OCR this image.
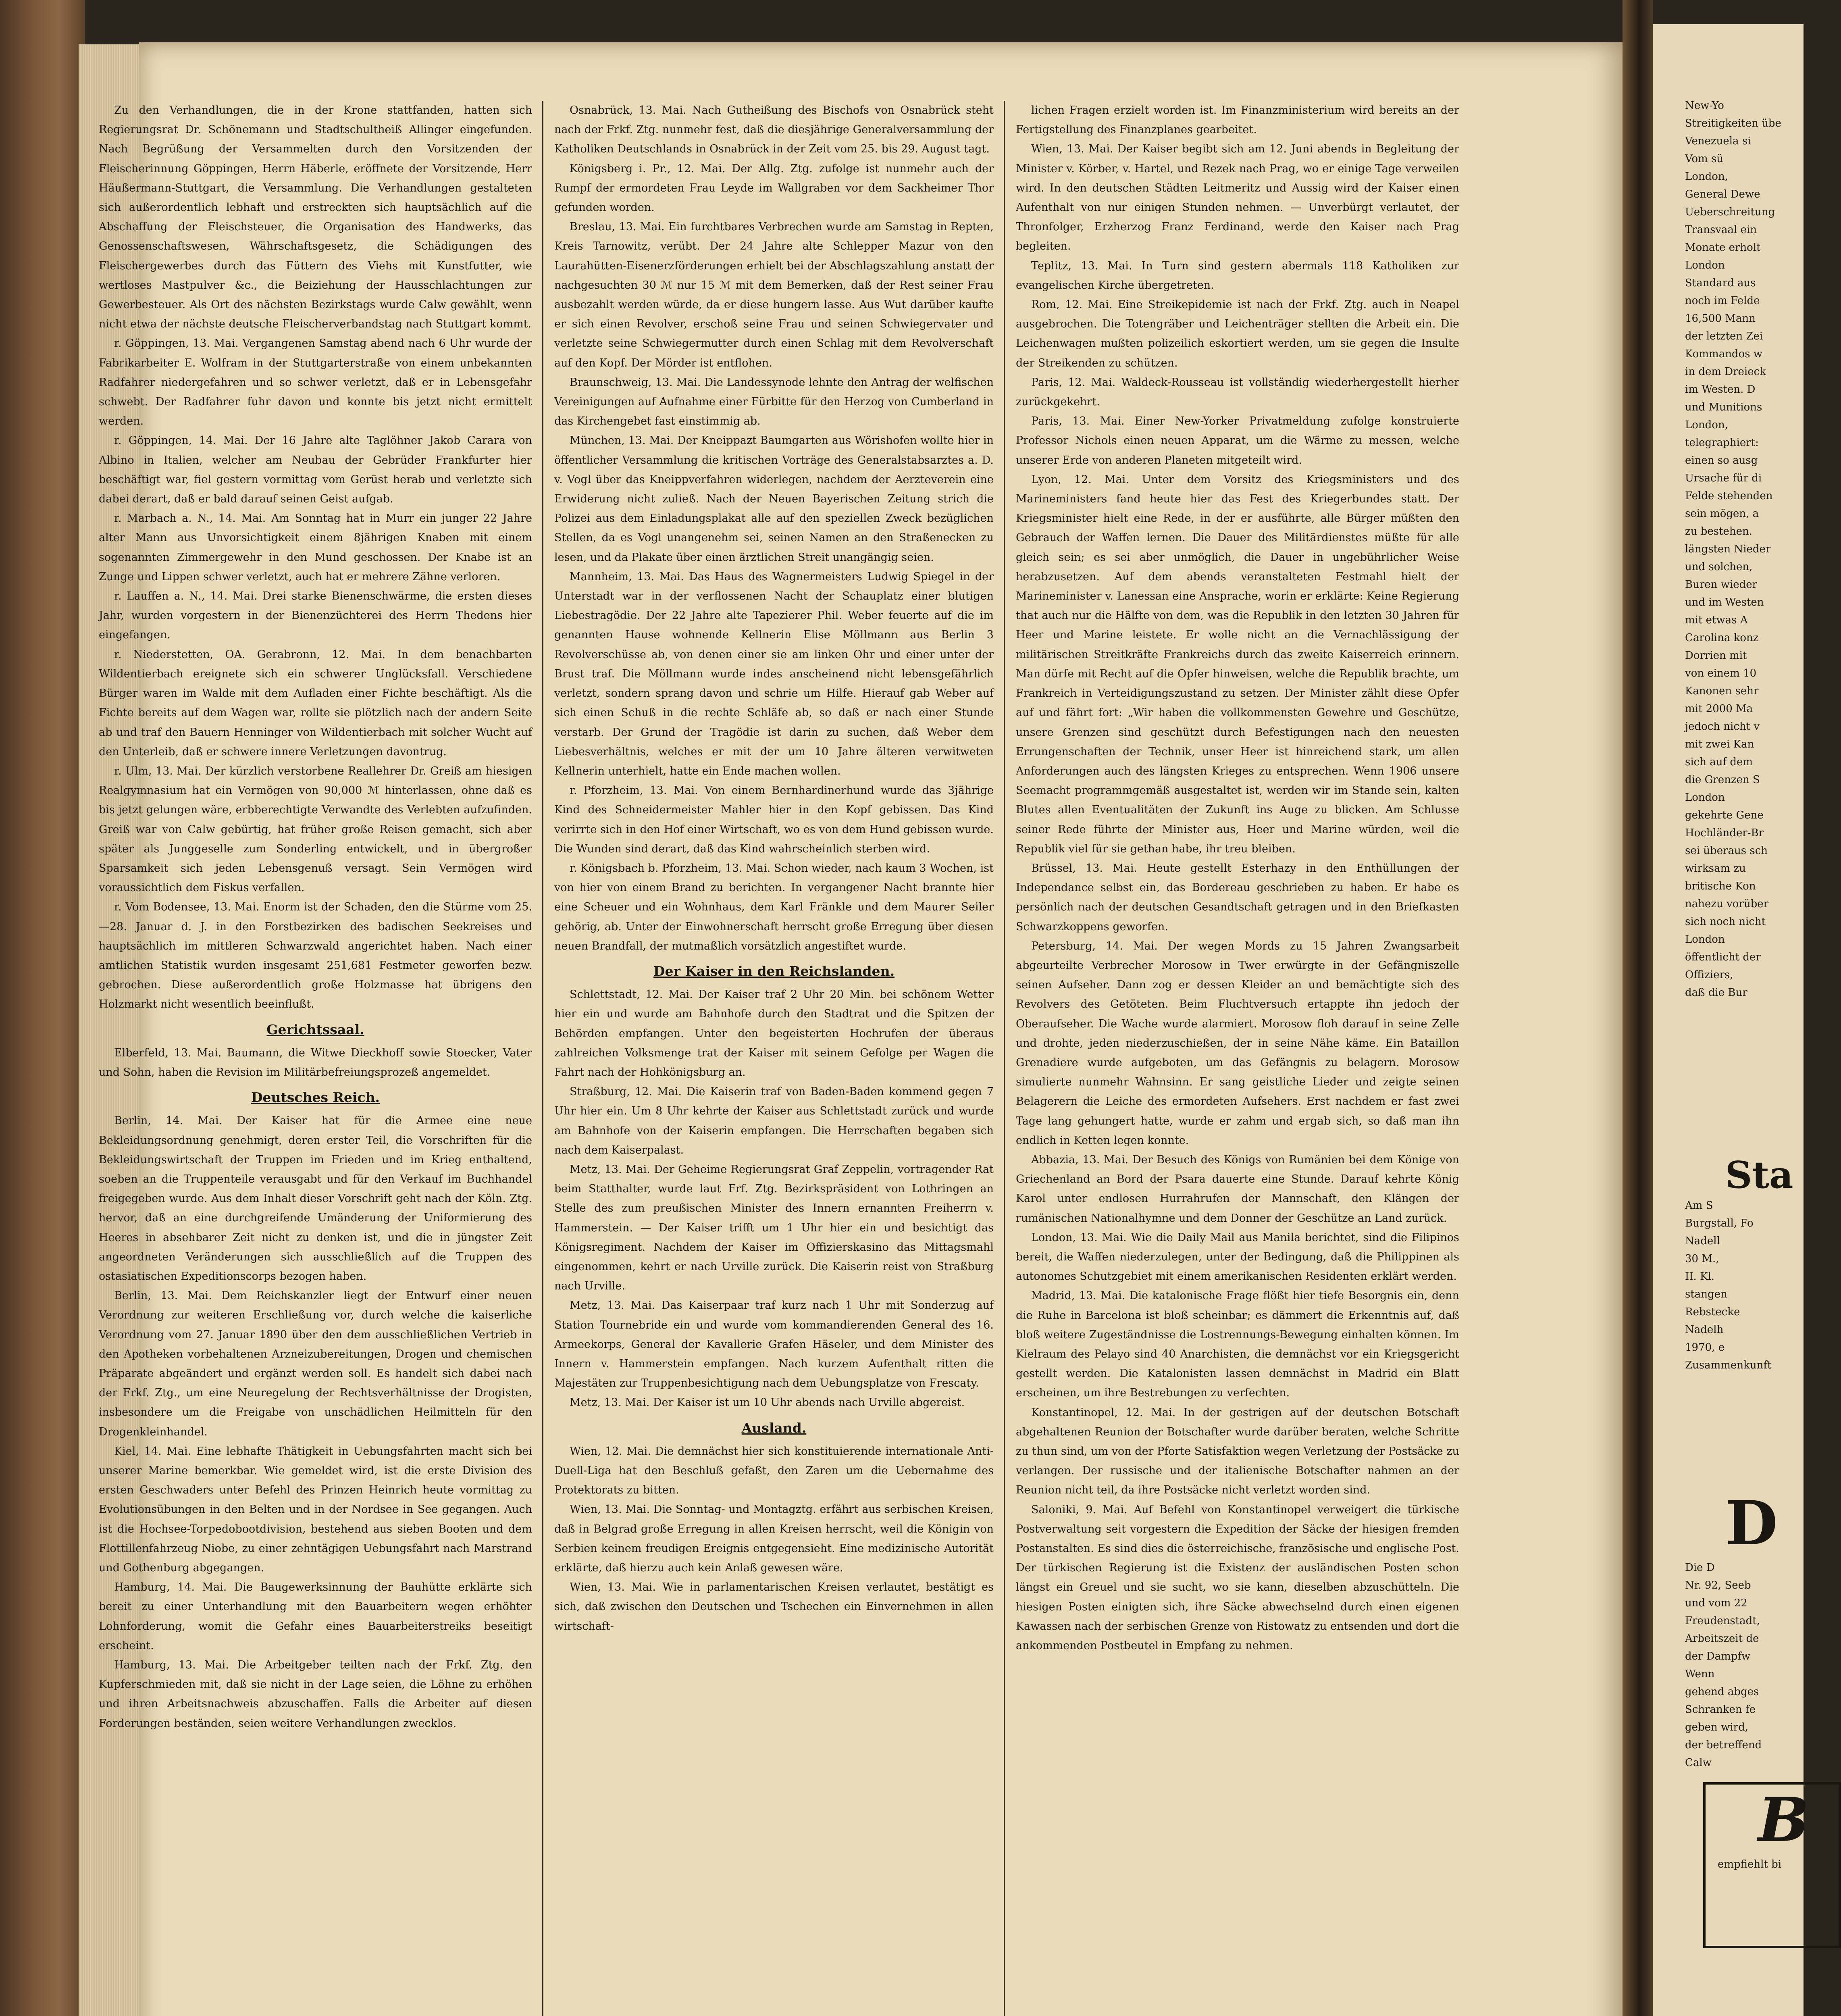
Zu den Verhandlungen, die in der Krone stattfanden, hatten sich Regierungsrat Dr. Schönemann und Stadtschultheiß Allinger eingefunden. Nach Begrüßung der Versammelten durch den Vorsitzenden der Fleischerinnung Göppingen, Herrn Häberle, eröffnete der Vorsitzende, Herr Häußermann-Stuttgart, die Versammlung. Die Verhandlungen gestalteten sich außerordentlich lebhaft und erstreckten sich hauptsächlich auf die Abschaffung der Fleischsteuer, die Organisation des Handwerks, das Genossenschaftswesen, Währschaftsgesetz, die Schädigungen des Fleischergewerbes durch das Füttern des Viehs mit Kunstfutter, wie wertloses Mastpulver &c., die Beiziehung der Hausschlachtungen zur Gewerbesteuer. Als Ort des nächsten Bezirkstags wurde Calw gewählt, wenn nicht etwa der nächste deutsche Fleischerverbandstag nach Stuttgart kommt.

r. Göppingen, 13. Mai. Vergangenen Samstag abend nach 6 Uhr wurde der Fabrikarbeiter E. Wolfram in der Stuttgarterstraße von einem unbekannten Radfahrer niedergefahren und so schwer verletzt, daß er in Lebensgefahr schwebt. Der Radfahrer fuhr davon und konnte bis jetzt nicht ermittelt werden.

r. Göppingen, 14. Mai. Der 16 Jahre alte Taglöhner Jakob Carara von Albino in Italien, welcher am Neubau der Gebrüder Frankfurter hier beschäftigt war, fiel gestern vormittag vom Gerüst herab und verletzte sich dabei derart, daß er bald darauf seinen Geist aufgab.

r. Marbach a. N., 14. Mai. Am Sonntag hat in Murr ein junger 22 Jahre alter Mann aus Unvorsichtigkeit einem 8jährigen Knaben mit einem sogenannten Zimmergewehr in den Mund geschossen. Der Knabe ist an Zunge und Lippen schwer verletzt, auch hat er mehrere Zähne verloren.

r. Lauffen a. N., 14. Mai. Drei starke Bienenschwärme, die ersten dieses Jahr, wurden vorgestern in der Bienenzüchterei des Herrn Thedens hier eingefangen.

r. Niederstetten, OA. Gerabronn, 12. Mai. In dem benachbarten Wildentierbach ereignete sich ein schwerer Unglücksfall. Verschiedene Bürger waren im Walde mit dem Aufladen einer Fichte beschäftigt. Als die Fichte bereits auf dem Wagen war, rollte sie plötzlich nach der andern Seite ab und traf den Bauern Henninger von Wildentierbach mit solcher Wucht auf den Unterleib, daß er schwere innere Verletzungen davontrug.

r. Ulm, 13. Mai. Der kürzlich verstorbene Reallehrer Dr. Greiß am hiesigen Realgymnasium hat ein Vermögen von 90,000 ℳ hinterlassen, ohne daß es bis jetzt gelungen wäre, erbberechtigte Verwandte des Verlebten aufzufinden. Greiß war von Calw gebürtig, hat früher große Reisen gemacht, sich aber später als Junggeselle zum Sonderling entwickelt, und in übergroßer Sparsamkeit sich jeden Lebensgenuß versagt. Sein Vermögen wird voraussichtlich dem Fiskus verfallen.

r. Vom Bodensee, 13. Mai. Enorm ist der Schaden, den die Stürme vom 25.—28. Januar d. J. in den Forstbezirken des badischen Seekreises und hauptsächlich im mittleren Schwarzwald angerichtet haben. Nach einer amtlichen Statistik wurden insgesamt 251,681 Festmeter geworfen bezw. gebrochen. Diese außerordentlich große Holzmasse hat übrigens den Holzmarkt nicht wesentlich beeinflußt.

Gerichtssaal.

Elberfeld, 13. Mai. Baumann, die Witwe Dieckhoff sowie Stoecker, Vater und Sohn, haben die Revision im Militärbefreiungsprozeß angemeldet.

Deutsches Reich.

Berlin, 14. Mai. Der Kaiser hat für die Armee eine neue Bekleidungsordnung genehmigt, deren erster Teil, die Vorschriften für die Bekleidungswirtschaft der Truppen im Frieden und im Krieg enthaltend, soeben an die Truppenteile verausgabt und für den Verkauf im Buchhandel freigegeben wurde. Aus dem Inhalt dieser Vorschrift geht nach der Köln. Ztg. hervor, daß an eine durchgreifende Umänderung der Uniformierung des Heeres in absehbarer Zeit nicht zu denken ist, und die in jüngster Zeit angeordneten Veränderungen sich ausschließlich auf die Truppen des ostasiatischen Expeditionscorps bezogen haben.

Berlin, 13. Mai. Dem Reichskanzler liegt der Entwurf einer neuen Verordnung zur weiteren Erschließung vor, durch welche die kaiserliche Verordnung vom 27. Januar 1890 über den dem ausschließlichen Vertrieb in den Apotheken vorbehaltenen Arzneizubereitungen, Drogen und chemischen Präparate abgeändert und ergänzt werden soll. Es handelt sich dabei nach der Frkf. Ztg., um eine Neuregelung der Rechtsverhältnisse der Drogisten, insbesondere um die Freigabe von unschädlichen Heilmitteln für den Drogenkleinhandel.

Kiel, 14. Mai. Eine lebhafte Thätigkeit in Uebungsfahrten macht sich bei unserer Marine bemerkbar. Wie gemeldet wird, ist die erste Division des ersten Geschwaders unter Befehl des Prinzen Heinrich heute vormittag zu Evolutionsübungen in den Belten und in der Nordsee in See gegangen. Auch ist die Hochsee-Torpedobootdivision, bestehend aus sieben Booten und dem Flottillenfahrzeug Niobe, zu einer zehntägigen Uebungsfahrt nach Marstrand und Gothenburg abgegangen.

Hamburg, 14. Mai. Die Baugewerksinnung der Bauhütte erklärte sich bereit zu einer Unterhandlung mit den Bauarbeitern wegen erhöhter Lohnforderung, womit die Gefahr eines Bauarbeiterstreiks beseitigt erscheint.

Hamburg, 13. Mai. Die Arbeitgeber teilten nach der Frkf. Ztg. den Kupferschmieden mit, daß sie nicht in der Lage seien, die Löhne zu erhöhen und ihren Arbeitsnachweis abzuschaffen. Falls die Arbeiter auf diesen Forderungen beständen, seien weitere Verhandlungen zwecklos.

Osnabrück, 13. Mai. Nach Gutheißung des Bischofs von Osnabrück steht nach der Frkf. Ztg. nunmehr fest, daß die diesjährige Generalversammlung der Katholiken Deutschlands in Osnabrück in der Zeit vom 25. bis 29. August tagt.

Königsberg i. Pr., 12. Mai. Der Allg. Ztg. zufolge ist nunmehr auch der Rumpf der ermordeten Frau Leyde im Wallgraben vor dem Sackheimer Thor gefunden worden.

Breslau, 13. Mai. Ein furchtbares Verbrechen wurde am Samstag in Repten, Kreis Tarnowitz, verübt. Der 24 Jahre alte Schlepper Mazur von den Laurahütten-Eisenerzförderungen erhielt bei der Abschlagszahlung anstatt der nachgesuchten 30 ℳ nur 15 ℳ mit dem Bemerken, daß der Rest seiner Frau ausbezahlt werden würde, da er diese hungern lasse. Aus Wut darüber kaufte er sich einen Revolver, erschoß seine Frau und seinen Schwiegervater und verletzte seine Schwiegermutter durch einen Schlag mit dem Revolverschaft auf den Kopf. Der Mörder ist entflohen.

Braunschweig, 13. Mai. Die Landessynode lehnte den Antrag der welfischen Vereinigungen auf Aufnahme einer Fürbitte für den Herzog von Cumberland in das Kirchengebet fast einstimmig ab.

München, 13. Mai. Der Kneippazt Baumgarten aus Wörishofen wollte hier in öffentlicher Versammlung die kritischen Vorträge des Generalstabsarztes a. D. v. Vogl über das Kneippverfahren widerlegen, nachdem der Aerzteverein eine Erwiderung nicht zuließ. Nach der Neuen Bayerischen Zeitung strich die Polizei aus dem Einladungsplakat alle auf den speziellen Zweck bezüglichen Stellen, da es Vogl unangenehm sei, seinen Namen an den Straßenecken zu lesen, und da Plakate über einen ärztlichen Streit unangängig seien.

Mannheim, 13. Mai. Das Haus des Wagnermeisters Ludwig Spiegel in der Unterstadt war in der verflossenen Nacht der Schauplatz einer blutigen Liebestragödie. Der 22 Jahre alte Tapezierer Phil. Weber feuerte auf die im genannten Hause wohnende Kellnerin Elise Möllmann aus Berlin 3 Revolverschüsse ab, von denen einer sie am linken Ohr und einer unter der Brust traf. Die Möllmann wurde indes anscheinend nicht lebensgefährlich verletzt, sondern sprang davon und schrie um Hilfe. Hierauf gab Weber auf sich einen Schuß in die rechte Schläfe ab, so daß er nach einer Stunde verstarb. Der Grund der Tragödie ist darin zu suchen, daß Weber dem Liebesverhältnis, welches er mit der um 10 Jahre älteren verwitweten Kellnerin unterhielt, hatte ein Ende machen wollen.

r. Pforzheim, 13. Mai. Von einem Bernhardinerhund wurde das 3jährige Kind des Schneidermeister Mahler hier in den Kopf gebissen. Das Kind verirrte sich in den Hof einer Wirtschaft, wo es von dem Hund gebissen wurde. Die Wunden sind derart, daß das Kind wahrscheinlich sterben wird.

r. Königsbach b. Pforzheim, 13. Mai. Schon wieder, nach kaum 3 Wochen, ist von hier von einem Brand zu berichten. In vergangener Nacht brannte hier eine Scheuer und ein Wohnhaus, dem Karl Fränkle und dem Maurer Seiler gehörig, ab. Unter der Einwohnerschaft herrscht große Erregung über diesen neuen Brandfall, der mutmaßlich vorsätzlich angestiftet wurde.

Der Kaiser in den Reichslanden.

Schlettstadt, 12. Mai. Der Kaiser traf 2 Uhr 20 Min. bei schönem Wetter hier ein und wurde am Bahnhofe durch den Stadtrat und die Spitzen der Behörden empfangen. Unter den begeisterten Hochrufen der überaus zahlreichen Volksmenge trat der Kaiser mit seinem Gefolge per Wagen die Fahrt nach der Hohkönigsburg an.

Straßburg, 12. Mai. Die Kaiserin traf von Baden-Baden kommend gegen 7 Uhr hier ein. Um 8 Uhr kehrte der Kaiser aus Schlettstadt zurück und wurde am Bahnhofe von der Kaiserin empfangen. Die Herrschaften begaben sich nach dem Kaiserpalast.

Metz, 13. Mai. Der Geheime Regierungsrat Graf Zeppelin, vortragender Rat beim Statthalter, wurde laut Frf. Ztg. Bezirkspräsident von Lothringen an Stelle des zum preußischen Minister des Innern ernannten Freiherrn v. Hammerstein. — Der Kaiser trifft um 1 Uhr hier ein und besichtigt das Königsregiment. Nachdem der Kaiser im Offizierskasino das Mittagsmahl eingenommen, kehrt er nach Urville zurück. Die Kaiserin reist von Straßburg nach Urville.

Metz, 13. Mai. Das Kaiserpaar traf kurz nach 1 Uhr mit Sonderzug auf Station Tournebride ein und wurde vom kommandierenden General des 16. Armeekorps, General der Kavallerie Grafen Häseler, und dem Minister des Innern v. Hammerstein empfangen. Nach kurzem Aufenthalt ritten die Majestäten zur Truppenbesichtigung nach dem Uebungsplatze von Frescaty.

Metz, 13. Mai. Der Kaiser ist um 10 Uhr abends nach Urville abgereist.

Ausland.

Wien, 12. Mai. Die demnächst hier sich konstituierende internationale Anti-Duell-Liga hat den Beschluß gefaßt, den Zaren um die Uebernahme des Protektorats zu bitten.

Wien, 13. Mai. Die Sonntag- und Montagztg. erfährt aus serbischen Kreisen, daß in Belgrad große Erregung in allen Kreisen herrscht, weil die Königin von Serbien keinem freudigen Ereignis entgegensieht. Eine medizinische Autorität erklärte, daß hierzu auch kein Anlaß gewesen wäre.

Wien, 13. Mai. Wie in parlamentarischen Kreisen verlautet, bestätigt es sich, daß zwischen den Deutschen und Tschechen ein Einvernehmen in allen wirtschaft-

lichen Fragen erzielt worden ist. Im Finanzministerium wird bereits an der Fertigstellung des Finanzplanes gearbeitet.

Wien, 13. Mai. Der Kaiser begibt sich am 12. Juni abends in Begleitung der Minister v. Körber, v. Hartel, und Rezek nach Prag, wo er einige Tage verweilen wird. In den deutschen Städten Leitmeritz und Aussig wird der Kaiser einen Aufenthalt von nur einigen Stunden nehmen. — Unverbürgt verlautet, der Thronfolger, Erzherzog Franz Ferdinand, werde den Kaiser nach Prag begleiten.

Teplitz, 13. Mai. In Turn sind gestern abermals 118 Katholiken zur evangelischen Kirche übergetreten.

Rom, 12. Mai. Eine Streikepidemie ist nach der Frkf. Ztg. auch in Neapel ausgebrochen. Die Totengräber und Leichenträger stellten die Arbeit ein. Die Leichenwagen mußten polizeilich eskortiert werden, um sie gegen die Insulte der Streikenden zu schützen.

Paris, 12. Mai. Waldeck-Rousseau ist vollständig wiederhergestellt hierher zurückgekehrt.

Paris, 13. Mai. Einer New-Yorker Privatmeldung zufolge konstruierte Professor Nichols einen neuen Apparat, um die Wärme zu messen, welche unserer Erde von anderen Planeten mitgeteilt wird.

Lyon, 12. Mai. Unter dem Vorsitz des Kriegsministers und des Marineministers fand heute hier das Fest des Kriegerbundes statt. Der Kriegsminister hielt eine Rede, in der er ausführte, alle Bürger müßten den Gebrauch der Waffen lernen. Die Dauer des Militärdienstes müßte für alle gleich sein; es sei aber unmöglich, die Dauer in ungebührlicher Weise herabzusetzen. Auf dem abends veranstalteten Festmahl hielt der Marineminister v. Lanessan eine Ansprache, worin er erklärte: Keine Regierung that auch nur die Hälfte von dem, was die Republik in den letzten 30 Jahren für Heer und Marine leistete. Er wolle nicht an die Vernachlässigung der militärischen Streitkräfte Frankreichs durch das zweite Kaiserreich erinnern. Man dürfe mit Recht auf die Opfer hinweisen, welche die Republik brachte, um Frankreich in Verteidigungszustand zu setzen. Der Minister zählt diese Opfer auf und fährt fort: „Wir haben die vollkommensten Gewehre und Geschütze, unsere Grenzen sind geschützt durch Befestigungen nach den neuesten Errungenschaften der Technik, unser Heer ist hinreichend stark, um allen Anforderungen auch des längsten Krieges zu entsprechen. Wenn 1906 unsere Seemacht programmgemäß ausgestaltet ist, werden wir im Stande sein, kalten Blutes allen Eventualitäten der Zukunft ins Auge zu blicken. Am Schlusse seiner Rede führte der Minister aus, Heer und Marine würden, weil die Republik viel für sie gethan habe, ihr treu bleiben.

Brüssel, 13. Mai. Heute gestellt Esterhazy in den Enthüllungen der Independance selbst ein, das Bordereau geschrieben zu haben. Er habe es persönlich nach der deutschen Gesandtschaft getragen und in den Briefkasten Schwarzkoppens geworfen.

Petersburg, 14. Mai. Der wegen Mords zu 15 Jahren Zwangsarbeit abgeurteilte Verbrecher Morosow in Twer erwürgte in der Gefängniszelle seinen Aufseher. Dann zog er dessen Kleider an und bemächtigte sich des Revolvers des Getöteten. Beim Fluchtversuch ertappte ihn jedoch der Oberaufseher. Die Wache wurde alarmiert. Morosow floh darauf in seine Zelle und drohte, jeden niederzuschießen, der in seine Nähe käme. Ein Bataillon Grenadiere wurde aufgeboten, um das Gefängnis zu belagern. Morosow simulierte nunmehr Wahnsinn. Er sang geistliche Lieder und zeigte seinen Belagerern die Leiche des ermordeten Aufsehers. Erst nachdem er fast zwei Tage lang gehungert hatte, wurde er zahm und ergab sich, so daß man ihn endlich in Ketten legen konnte.

Abbazia, 13. Mai. Der Besuch des Königs von Rumänien bei dem Könige von Griechenland an Bord der Psara dauerte eine Stunde. Darauf kehrte König Karol unter endlosen Hurrahrufen der Mannschaft, den Klängen der rumänischen Nationalhymne und dem Donner der Geschütze an Land zurück.

London, 13. Mai. Wie die Daily Mail aus Manila berichtet, sind die Filipinos bereit, die Waffen niederzulegen, unter der Bedingung, daß die Philippinen als autonomes Schutzgebiet mit einem amerikanischen Residenten erklärt werden.

Madrid, 13. Mai. Die katalonische Frage flößt hier tiefe Besorgnis ein, denn die Ruhe in Barcelona ist bloß scheinbar; es dämmert die Erkenntnis auf, daß bloß weitere Zugeständnisse die Lostrennungs-Bewegung einhalten können. Im Kielraum des Pelayo sind 40 Anarchisten, die demnächst vor ein Kriegsgericht gestellt werden. Die Katalonisten lassen demnächst in Madrid ein Blatt erscheinen, um ihre Bestrebungen zu verfechten.

Konstantinopel, 12. Mai. In der gestrigen auf der deutschen Botschaft abgehaltenen Reunion der Botschafter wurde darüber beraten, welche Schritte zu thun sind, um von der Pforte Satisfaktion wegen Verletzung der Postsäcke zu verlangen. Der russische und der italienische Botschafter nahmen an der Reunion nicht teil, da ihre Postsäcke nicht verletzt worden sind.

Saloniki, 9. Mai. Auf Befehl von Konstantinopel verweigert die türkische Postverwaltung seit vorgestern die Expedition der Säcke der hiesigen fremden Postanstalten. Es sind dies die österreichische, französische und englische Post. Der türkischen Regierung ist die Existenz der ausländischen Posten schon längst ein Greuel und sie sucht, wo sie kann, dieselben abzuschütteln. Die hiesigen Posten einigten sich, ihre Säcke abwechselnd durch einen eigenen Kawassen nach der serbischen Grenze von Ristowatz zu entsenden und dort die ankommenden Postbeutel in Empfang zu nehmen.

New-Yo
Streitigkeiten übe
Venezuela si
Vom sü
London,
General Dewe
Ueberschreitung
Transvaal ein
Monate erholt
London
Standard aus
noch im Felde
16,500 Mann
der letzten Zei
Kommandos w
in dem Dreieck
im Westen. D
und Munitions
London,
telegraphiert:
einen so ausg
Ursache für di
Felde stehenden
sein mögen, a
zu bestehen.
längsten Nieder
und solchen,
Buren wieder
und im Westen
mit etwas A
Carolina konz
Dorrien mit
von einem 10
Kanonen sehr
mit 2000 Ma
jedoch nicht v
mit zwei Kan
sich auf dem
die Grenzen S
London
gekehrte Gene
Hochländer-Br
sei überaus sch
wirksam zu
britische Kon
nahezu vorüber
sich noch nicht
London
öffentlicht der
Offiziers,
daß die Bur
Sta
Am S
Burgstall, Fo
Nadell
30 M.,
II. Kl.
stangen
Rebstecke
Nadelh
1970, e
Zusammenkunft
D
Die D
Nr. 92, Seeb
und vom 22
Freudenstadt,
Arbeitszeit de
der Dampfw
Wenn
gehend abges
Schranken fe
geben wird,
der betreffend
Calw
B
empfiehlt bi
